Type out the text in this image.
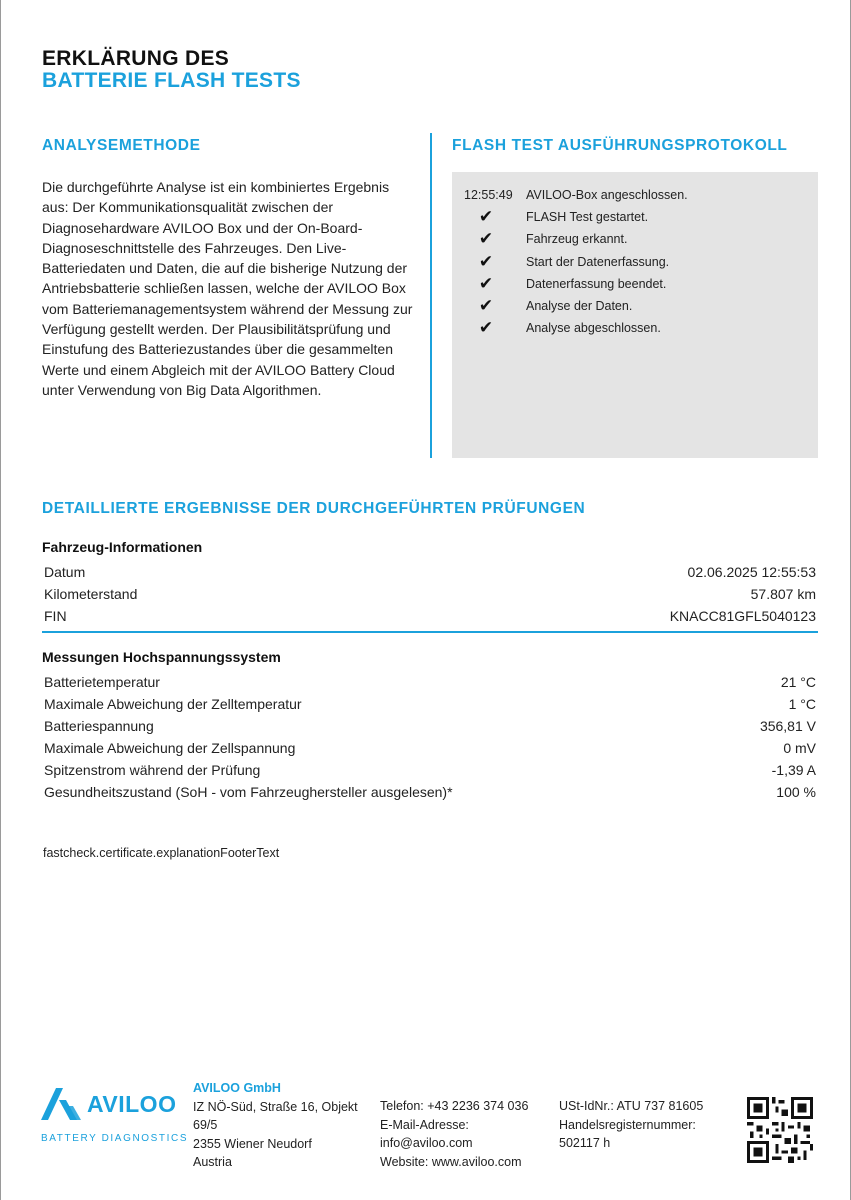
ERKLÄRUNG DES
BATTERIE FLASH TESTS
ANALYSEMETHODE
Die durchgeführte Analyse ist ein kombiniertes Ergebnis aus: Der Kommunikationsqualität zwischen der Diagnosehardware AVILOO Box und der On-Board-Diagnoseschnittstelle des Fahrzeuges. Den Live-Batteriedaten und Daten, die auf die bisherige Nutzung der Antriebsbatterie schließen lassen, welche der AVILOO Box vom Batteriemanagementsystem während der Messung zur Verfügung gestellt werden. Der Plausibilitätsprüfung und Einstufung des Batteriezustandes über die gesammelten Werte und einem Abgleich mit der AVILOO Battery Cloud unter Verwendung von Big Data Algorithmen.
FLASH TEST AUSFÜHRUNGSPROTOKOLL
12:55:49	AVILOO-Box angeschlossen.
✔	FLASH Test gestartet.
✔	Fahrzeug erkannt.
✔	Start der Datenerfassung.
✔	Datenerfassung beendet.
✔	Analyse der Daten.
✔	Analyse abgeschlossen.
DETAILLIERTE ERGEBNISSE DER DURCHGEFÜHRTEN PRÜFUNGEN
Fahrzeug-Informationen
Datum	02.06.2025 12:55:53
Kilometerstand	57.807 km
FIN	KNACC81GFL5040123
Messungen Hochspannungssystem
Batterietemperatur	21 °C
Maximale Abweichung der Zelltemperatur	1 °C
Batteriespannung	356,81 V
Maximale Abweichung der Zellspannung	0 mV
Spitzenstrom während der Prüfung	-1,39 A
Gesundheitszustand (SoH - vom Fahrzeughersteller ausgelesen)*	100 %
fastcheck.certificate.explanationFooterText
AVILOO
BATTERY DIAGNOSTICS
AVILOO GmbH
IZ NÖ-Süd, Straße 16, Objekt
69/5
2355 Wiener Neudorf
Austria
Telefon: +43 2236 374 036
E-Mail-Adresse:
info@aviloo.com
Website: www.aviloo.com
USt-IdNr.: ATU 737 81605
Handelsregisternummer:
502117 h
